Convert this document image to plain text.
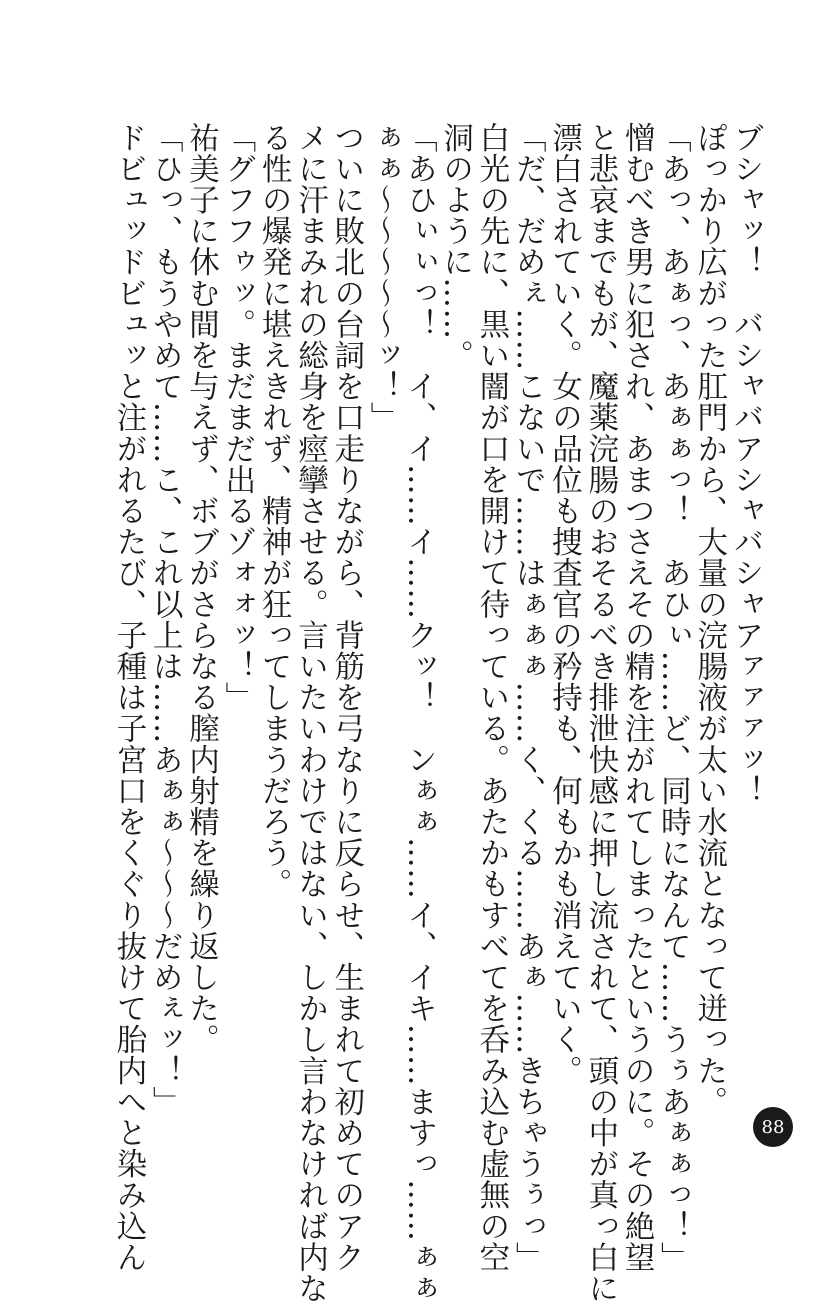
ブシャッ！　バシャバアシャバシャアァァァッ！

ぽっかり広がった肛門から、大量の浣腸液が太い水流となって迸った。

「あっ、あぁっ、あぁぁっ！　あひぃ……ど、同時になんて……うぅあぁぁっ！」

憎むべき男に犯され、あまつさえその精を注がれてしまったというのに。その絶望

と悲哀までもが、魔薬浣腸のおそるべき排泄快感に押し流されて、頭の中が真っ白に

漂白されていく。女の品位も捜査官の矜持も、何もかも消えていく。

「だ、だめぇ……こないで……はぁぁぁ……く、くる……あぁ……きちゃうぅっ」

白光の先に、黒い闇が口を開けて待っている。あたかもすべてを呑み込む虚無の空

洞のように……。

「あひぃぃっ！　イ、イ……イ……クッ！　ンぁぁ……イ、イキ……ますっ……ぁぁ

ぁぁ～～～～～ッ！」

ついに敗北の台詞を口走りながら、背筋を弓なりに反らせ、生まれて初めてのアク

メに汗まみれの総身を痙攣させる。言いたいわけではない、しかし言わなければ内な

る性の爆発に堪えきれず、精神が狂ってしまうだろう。

「グフフゥッ。まだまだ出るゾォォッ！」

祐美子に休む間を与えず、ボブがさらなる膣内射精を繰り返した。

「ひっ、もうやめて……こ、これ以上は……あぁぁ～～～だめぇッ！」

ドビュッドビュッと注がれるたび、子種は子宮口をくぐり抜けて胎内へと染み込ん	88
